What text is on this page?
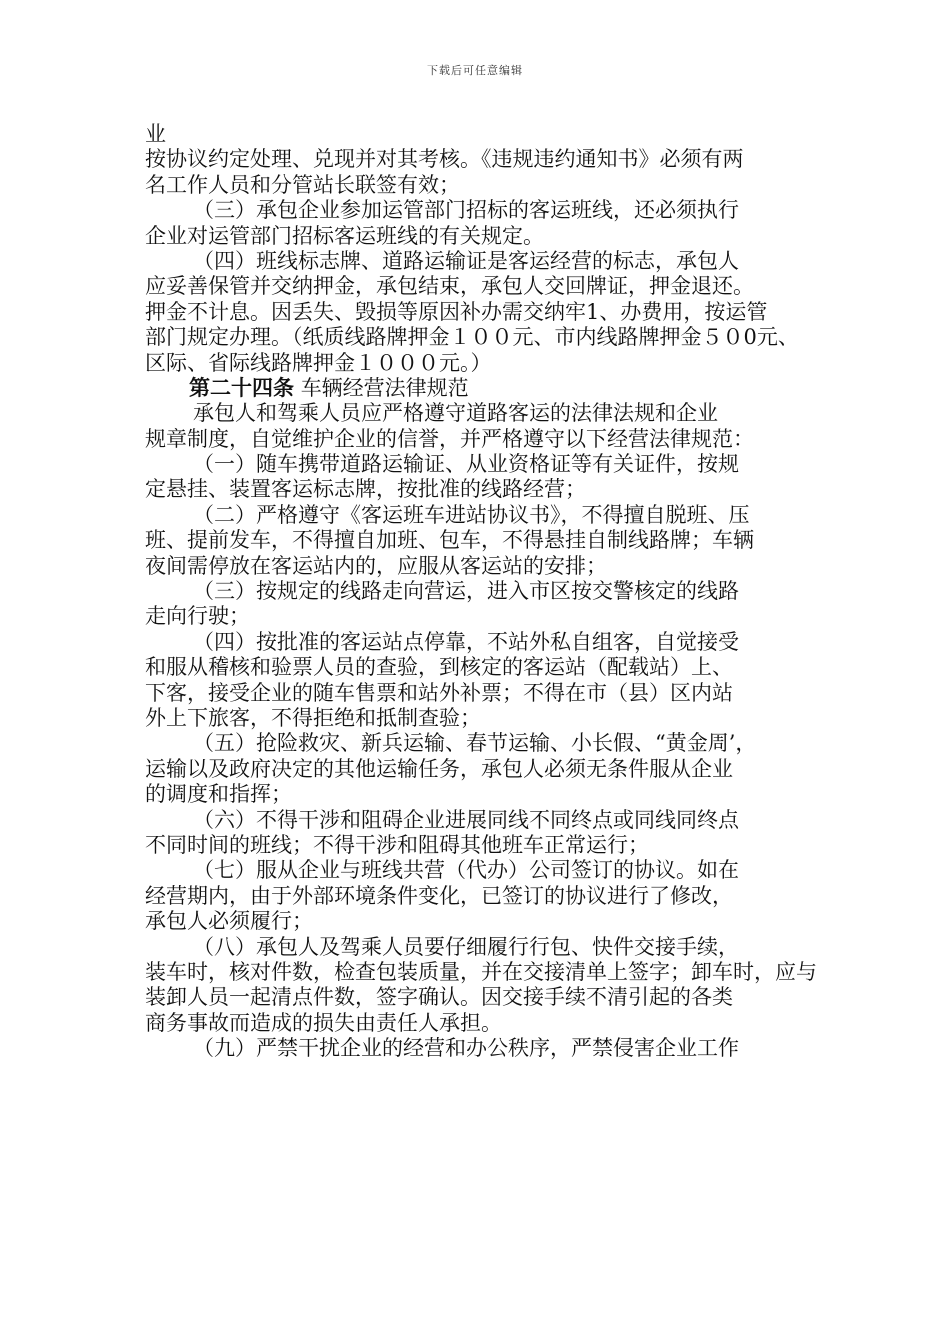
下载后可任意编辑
业
按协议约定处理、兑现并对其考核。《违规违约通知书》必须有两
名工作人员和分管站长联签有效；
（三）承包企业参加运管部门招标的客运班线，还必须执行
企业对运管部门招标客运班线的有关规定。
（四）班线标志牌、道路运输证是客运经营的标志，承包人
应妥善保管并交纳押金，承包结束，承包人交回牌证，押金退还。
押金不计息。因丢失、毁损等原因补办需交纳牢1、办费用，按运管
部门规定办理。（纸质线路牌押金１００元、市内线路牌押金５０0元、
区际、省际线路牌押金１０００元。）
第二十四条 车辆经营法律规范
承包人和驾乘人员应严格遵守道路客运的法律法规和企业
规章制度，自觉维护企业的信誉，并严格遵守以下经营法律规范：
（一）随车携带道路运输证、从业资格证等有关证件，按规
定悬挂、装置客运标志牌，按批准的线路经营；
（二）严格遵守《客运班车进站协议书》，不得擅自脱班、压
班、提前发车，不得擅自加班、包车，不得悬挂自制线路牌；车辆
夜间需停放在客运站内的，应服从客运站的安排；
（三）按规定的线路走向营运，进入市区按交警核定的线路
走向行驶；
（四）按批准的客运站点停靠，不站外私自组客，自觉接受
和服从稽核和验票人员的查验，到核定的客运站（配载站）上、
下客，接受企业的随车售票和站外补票；不得在市（县）区内站
外上下旅客，不得拒绝和抵制查验；
（五）抢险救灾、新兵运输、春节运输、小长假、“黄金周’，
运输以及政府决定的其他运输任务，承包人必须无条件服从企业
的调度和指挥；
（六）不得干涉和阻碍企业进展同线不同终点或同线同终点
不同时间的班线；不得干涉和阻碍其他班车正常运行；
（七）服从企业与班线共营（代办）公司签订的协议。如在
经营期内，由于外部环境条件变化，已签订的协议进行了修改，
承包人必须履行；
（八）承包人及驾乘人员要仔细履行行包、快件交接手续，
装车时，核对件数，检查包装质量，并在交接清单上签字；卸车时，应与
装卸人员一起清点件数，签字确认。因交接手续不清引起的各类
商务事故而造成的损失由责任人承担。
（九）严禁干扰企业的经营和办公秩序，严禁侵害企业工作
